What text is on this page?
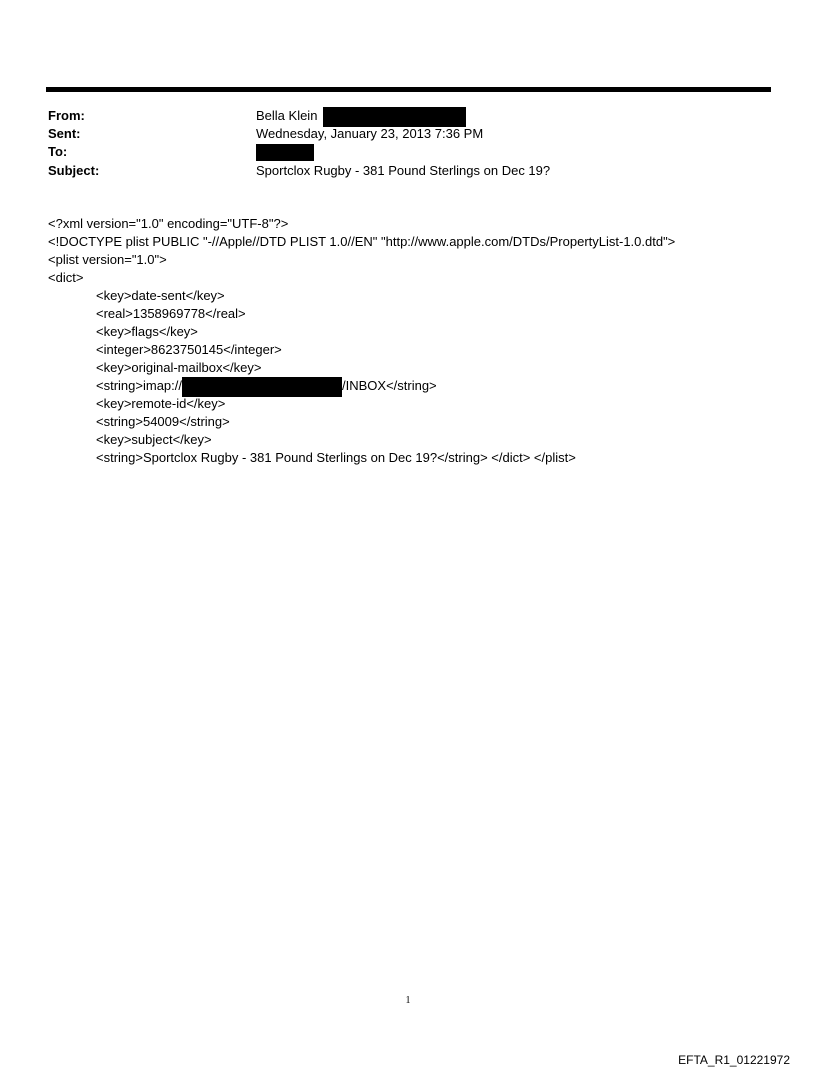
From:	Bella Klein
Sent:	Wednesday, January 23, 2013 7:36 PM
To:
Subject:	Sportclox Rugby - 381 Pound Sterlings on Dec 19?
<?xml version="1.0" encoding="UTF-8"?>
<!DOCTYPE plist PUBLIC "-//Apple//DTD PLIST 1.0//EN" "http://www.apple.com/DTDs/PropertyList-1.0.dtd">
<plist version="1.0">
<dict>
<key>date-sent</key>
<real>1358969778</real>
<key>flags</key>
<integer>8623750145</integer>
<key>original-mailbox</key>
<string>imap://	/INBOX</string>
<key>remote-id</key>
<string>54009</string>
<key>subject</key>
<string>Sportclox Rugby - 381 Pound Sterlings on Dec 19?</string> </dict> </plist>
1
EFTA_R1_01221972
